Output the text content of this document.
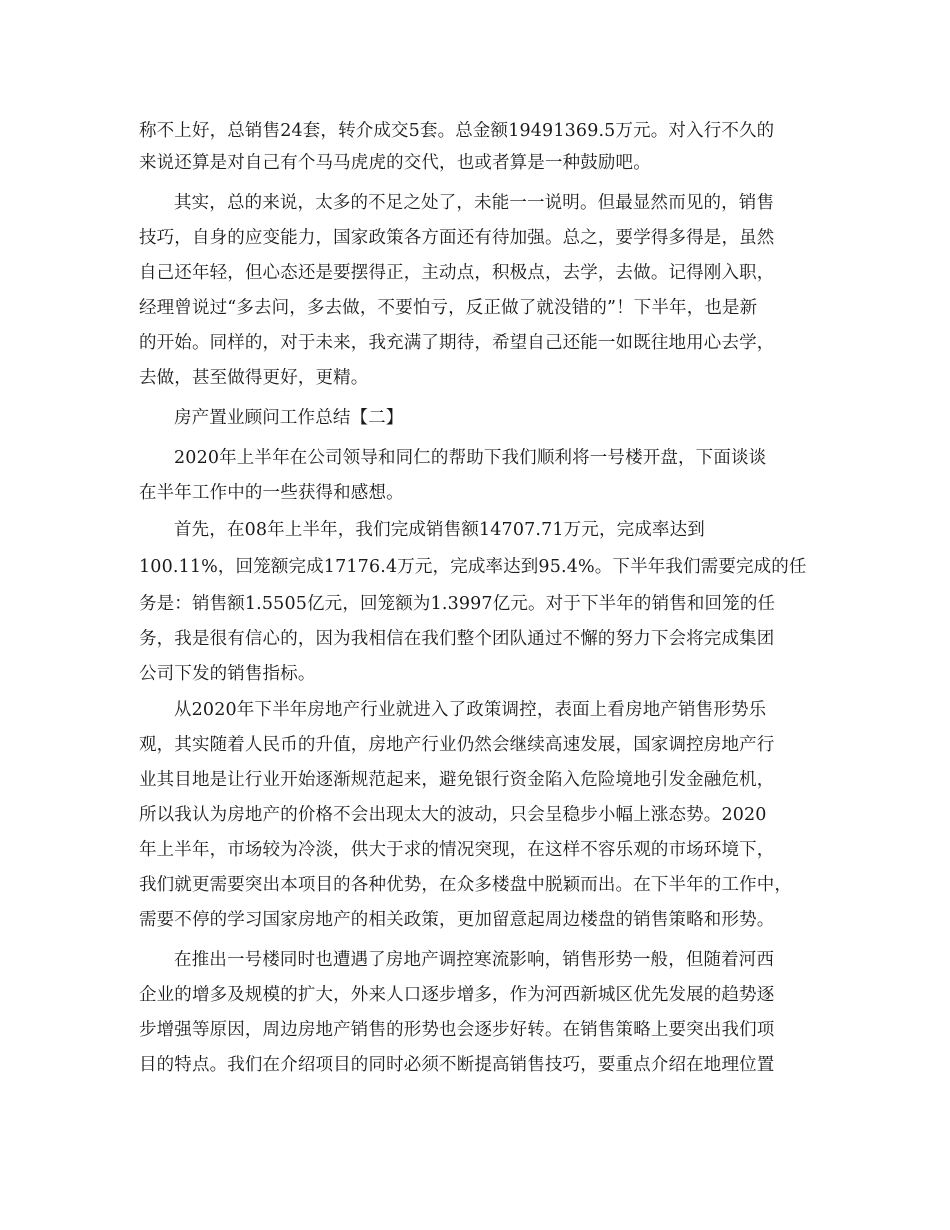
称不上好，总销售24套，转介成交5套。总金额19491369.5万元。对入行不久的
来说还算是对自己有个马马虎虎的交代，也或者算是一种鼓励吧。
其实，总的来说，太多的不足之处了，未能一一说明。但最显然而见的，销售
技巧，自身的应变能力，国家政策各方面还有待加强。总之，要学得多得是，虽然
自己还年轻，但心态还是要摆得正，主动点，积极点，去学，去做。记得刚入职，
经理曾说过“多去问，多去做，不要怕亏，反正做了就没错的”！下半年，也是新
的开始。同样的，对于未来，我充满了期待，希望自己还能一如既往地用心去学，
去做，甚至做得更好，更精。
房产置业顾问工作总结【二】
2020年上半年在公司领导和同仁的帮助下我们顺利将一号楼开盘，下面谈谈
在半年工作中的一些获得和感想。
首先，在08年上半年，我们完成销售额14707.71万元，完成率达到
100.11%，回笼额完成17176.4万元，完成率达到95.4%。下半年我们需要完成的任
务是：销售额1.5505亿元，回笼额为1.3997亿元。对于下半年的销售和回笼的任
务，我是很有信心的，因为我相信在我们整个团队通过不懈的努力下会将完成集团
公司下发的销售指标。
从2020年下半年房地产行业就进入了政策调控，表面上看房地产销售形势乐
观，其实随着人民币的升值，房地产行业仍然会继续高速发展，国家调控房地产行
业其目地是让行业开始逐渐规范起来，避免银行资金陷入危险境地引发金融危机，
所以我认为房地产的价格不会出现太大的波动，只会呈稳步小幅上涨态势。2020
年上半年，市场较为冷淡，供大于求的情况突现，在这样不容乐观的市场环境下，
我们就更需要突出本项目的各种优势，在众多楼盘中脱颖而出。在下半年的工作中，
需要不停的学习国家房地产的相关政策，更加留意起周边楼盘的销售策略和形势。
在推出一号楼同时也遭遇了房地产调控寒流影响，销售形势一般，但随着河西
企业的增多及规模的扩大，外来人口逐步增多，作为河西新城区优先发展的趋势逐
步增强等原因，周边房地产销售的形势也会逐步好转。在销售策略上要突出我们项
目的特点。我们在介绍项目的同时必须不断提高销售技巧，要重点介绍在地理位置
